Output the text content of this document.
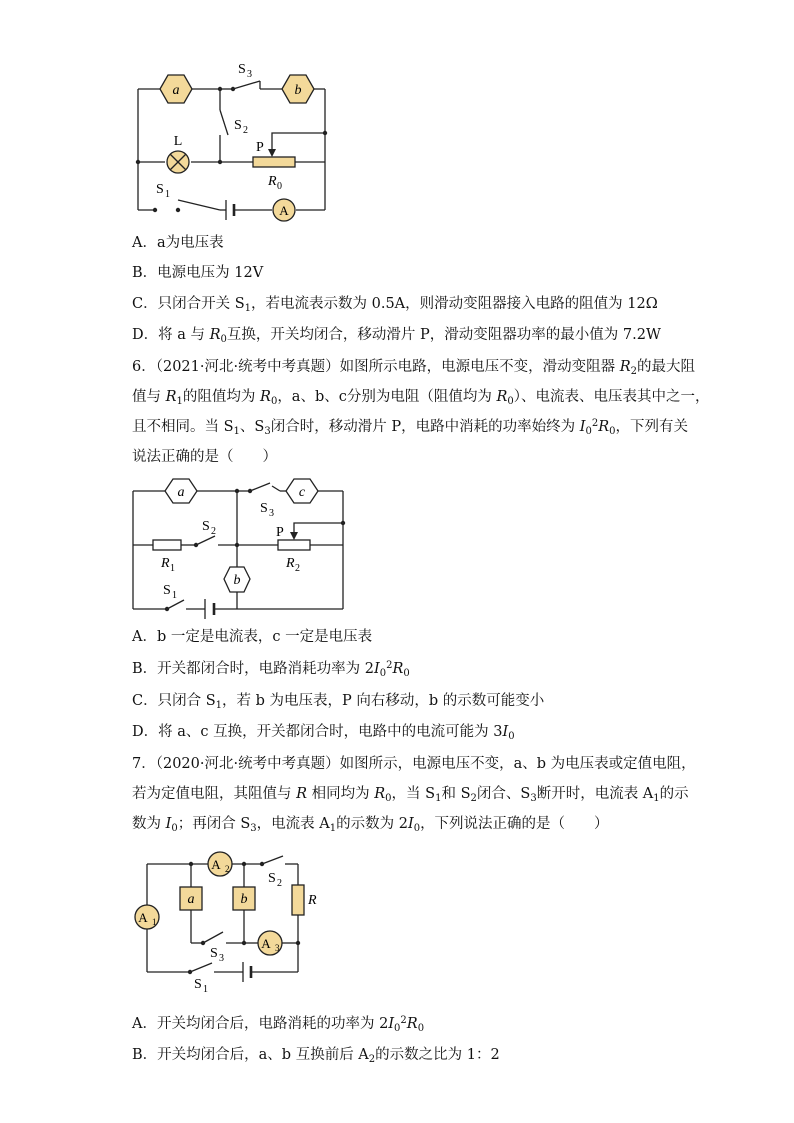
a	b
L	P
R 0
A
S 3
S 2
S 1
A．a为电压表
B．电源电压为 12V
C．只闭合开关 $S_1$，若电流表示数为 0.5A，则滑动变阻器接入电路的阻值为 12Ω
D．将 a 与 $R_0$互换，开关均闭合，移动滑片 P，滑动变阻器功率的最小值为 7.2W
6．（2021·河北·统考中考真题）如图所示电路，电源电压不变，滑动变阻器 $R_2$的最大阻
值与 $R_1$的阻值均为 $R_0$，a、b、c分别为电阻（阻值均为 $R_0$）、电流表、电压表其中之一，
且不相同。当 $S_1$、$S_3$闭合时，移动滑片 P，电路中消耗的功率始终为 $I_0^2R_0$，下列有关
说法正确的是（　　）
a	c
b
R 1
P
R 2
S 3
S 2
S 1
A．b 一定是电流表，c 一定是电压表
B．开关都闭合时，电路消耗功率为 $2I_0^2R_0$
C．只闭合 $S_1$，若 b 为电压表，P 向右移动，b 的示数可能变小
D．将 a、c 互换，开关都闭合时，电路中的电流可能为 $3I_0$
7．（2020·河北·统考中考真题）如图所示，电源电压不变，a、b 为电压表或定值电阻，
若为定值电阻，其阻值与 R 相同均为 $R_0$，当 $S_1$和 $S_2$闭合、$S_3$断开时，电流表 $A_1$的示
数为 $I_0$；再闭合 $S_3$，电流表 $A_1$的示数为 $2I_0$，下列说法正确的是（　　）
A 1
A 2
A 3
a	b	R
S 2
S 3
S 1
A．开关均闭合后，电路消耗的功率为 $2I_0^2R_0$
B．开关均闭合后，a、b 互换前后 $A_2$的示数之比为 1：2
